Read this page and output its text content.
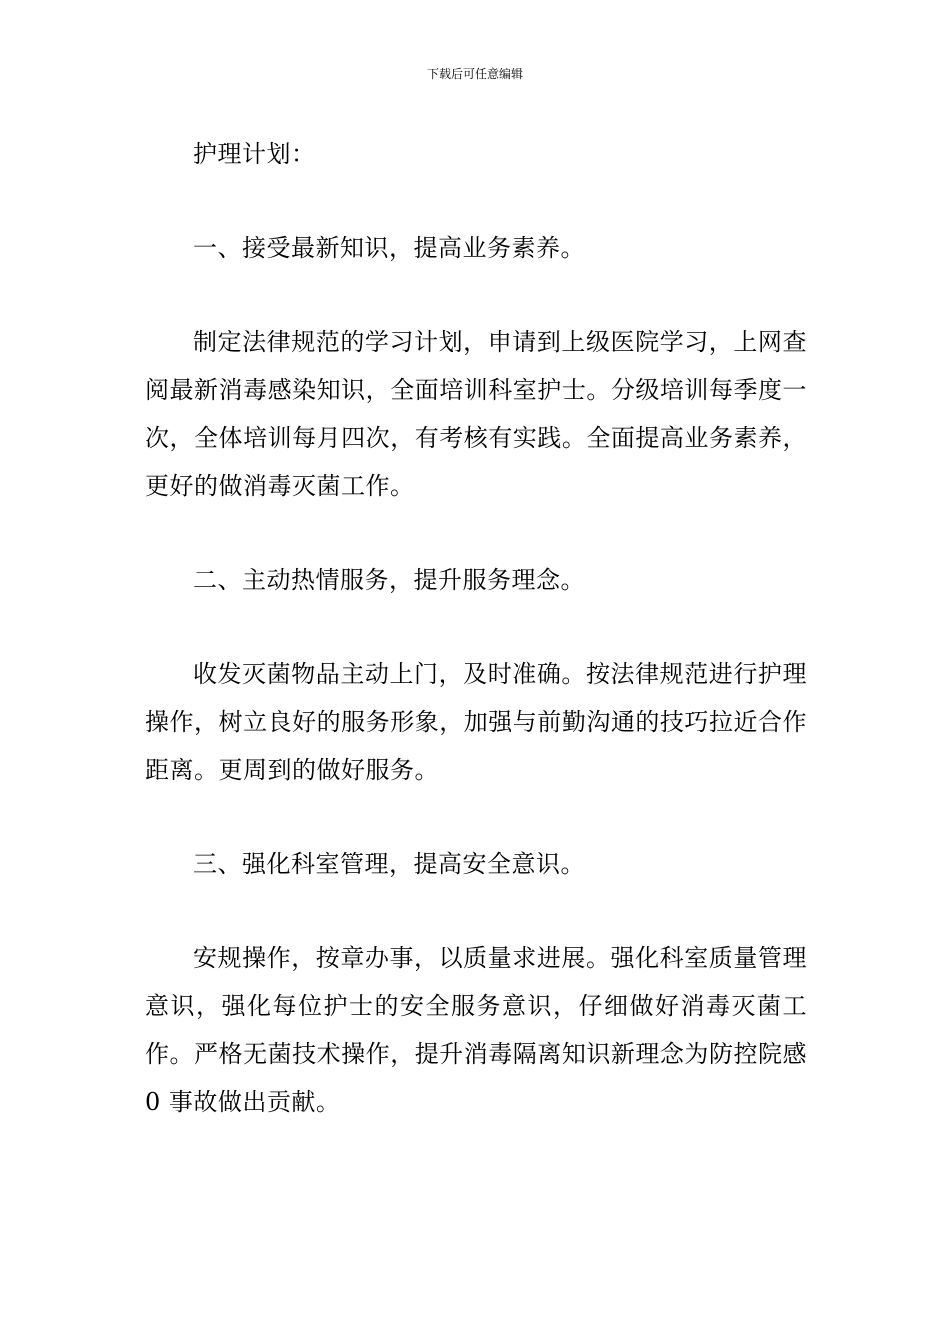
下载后可任意编辑

护理计划：

一、接受最新知识，提高业务素养。

制定法律规范的学习计划，申请到上级医院学习，上网查阅最新消毒感染知识，全面培训科室护士。分级培训每季度一次，全体培训每月四次，有考核有实践。全面提高业务素养，更好的做消毒灭菌工作。

二、主动热情服务，提升服务理念。

收发灭菌物品主动上门，及时准确。按法律规范进行护理操作，树立良好的服务形象，加强与前勤沟通的技巧拉近合作距离。更周到的做好服务。

三、强化科室管理，提高安全意识。

安规操作，按章办事，以质量求进展。强化科室质量管理意识，强化每位护士的安全服务意识，仔细做好消毒灭菌工作。严格无菌技术操作，提升消毒隔离知识新理念为防控院感 0 事故做出贡献。
